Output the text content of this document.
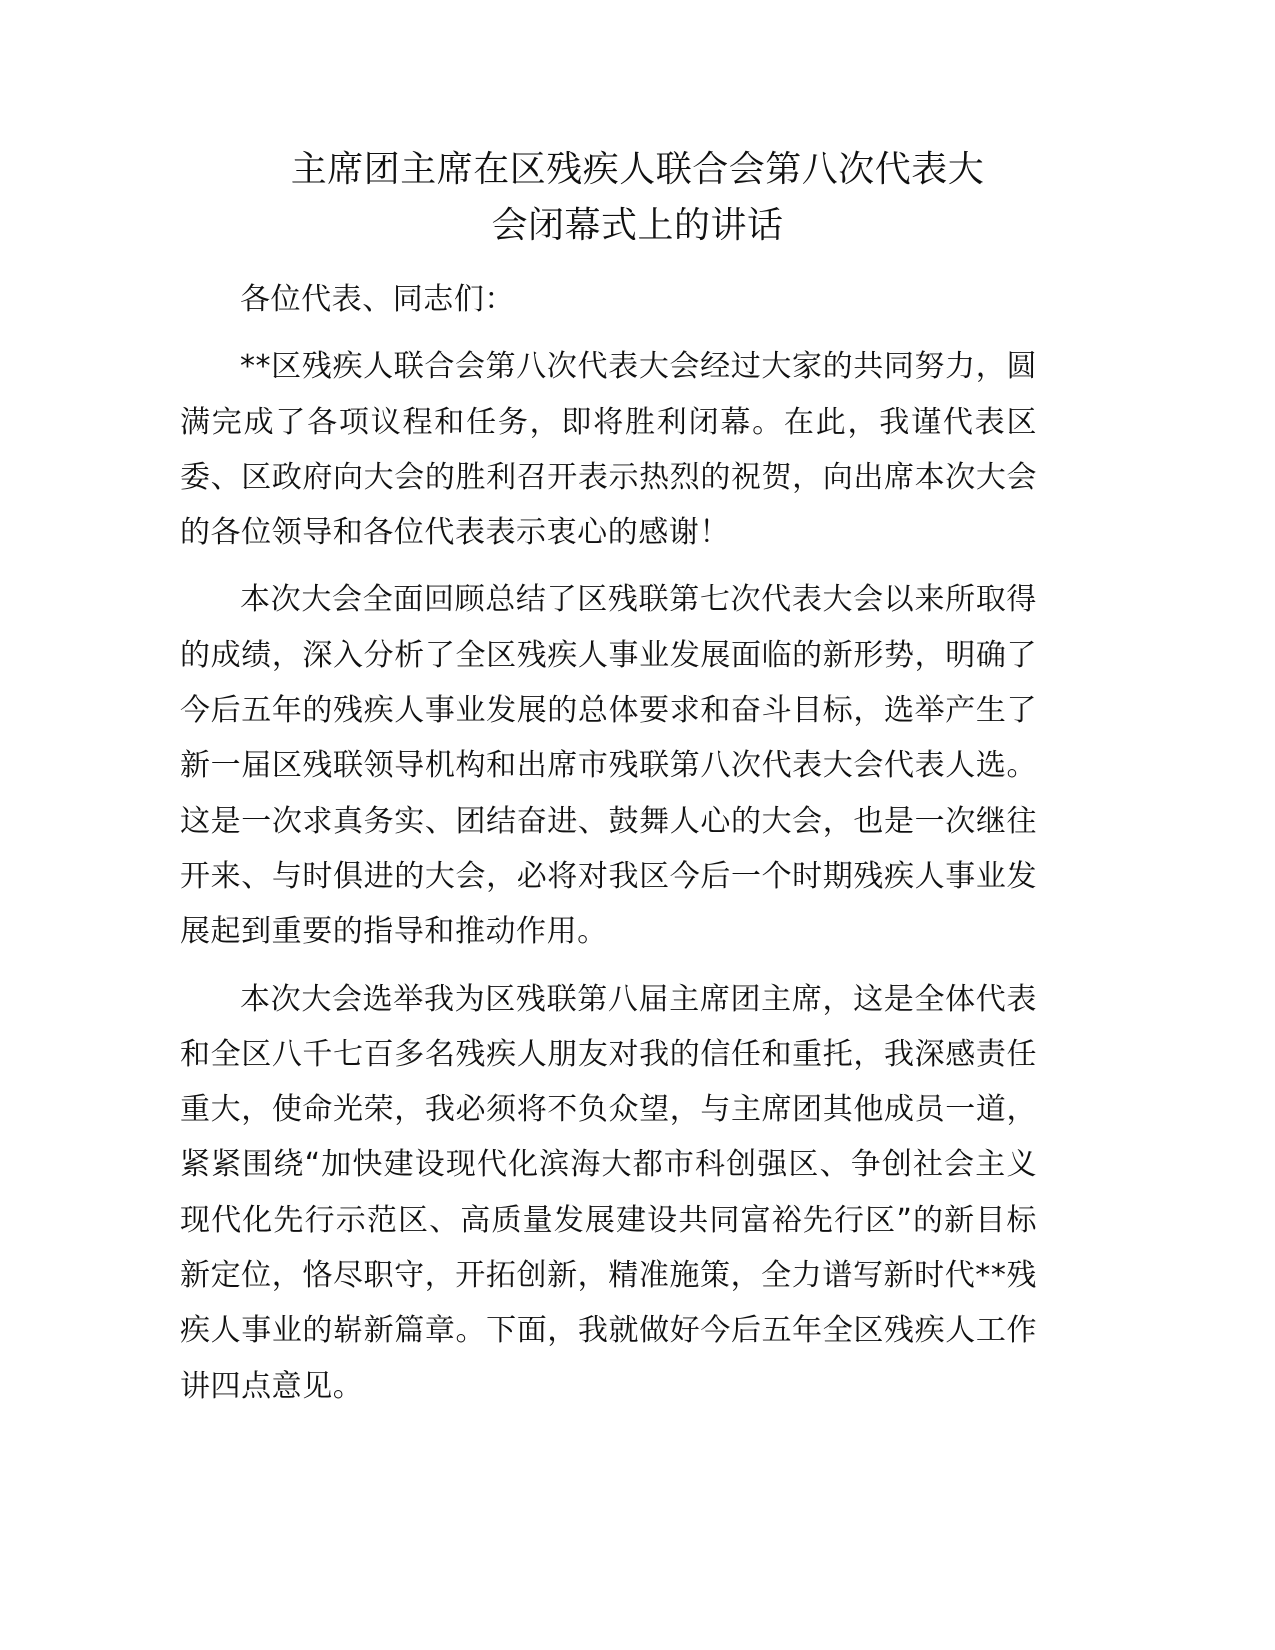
主席团主席在区残疾人联合会第八次代表大
会闭幕式上的讲话

各位代表、同志们：

**区残疾人联合会第八次代表大会经过大家的共同努力，圆满完成了各项议程和任务，即将胜利闭幕。在此，我谨代表区委、区政府向大会的胜利召开表示热烈的祝贺，向出席本次大会的各位领导和各位代表表示衷心的感谢！

本次大会全面回顾总结了区残联第七次代表大会以来所取得的成绩，深入分析了全区残疾人事业发展面临的新形势，明确了今后五年的残疾人事业发展的总体要求和奋斗目标，选举产生了新一届区残联领导机构和出席市残联第八次代表大会代表人选。这是一次求真务实、团结奋进、鼓舞人心的大会，也是一次继往开来、与时俱进的大会，必将对我区今后一个时期残疾人事业发展起到重要的指导和推动作用。

本次大会选举我为区残联第八届主席团主席，这是全体代表和全区八千七百多名残疾人朋友对我的信任和重托，我深感责任重大，使命光荣，我必须将不负众望，与主席团其他成员一道，紧紧围绕“加快建设现代化滨海大都市科创强区、争创社会主义现代化先行示范区、高质量发展建设共同富裕先行区”的新目标新定位，恪尽职守，开拓创新，精准施策，全力谱写新时代**残疾人事业的崭新篇章。下面，我就做好今后五年全区残疾人工作讲四点意见。
